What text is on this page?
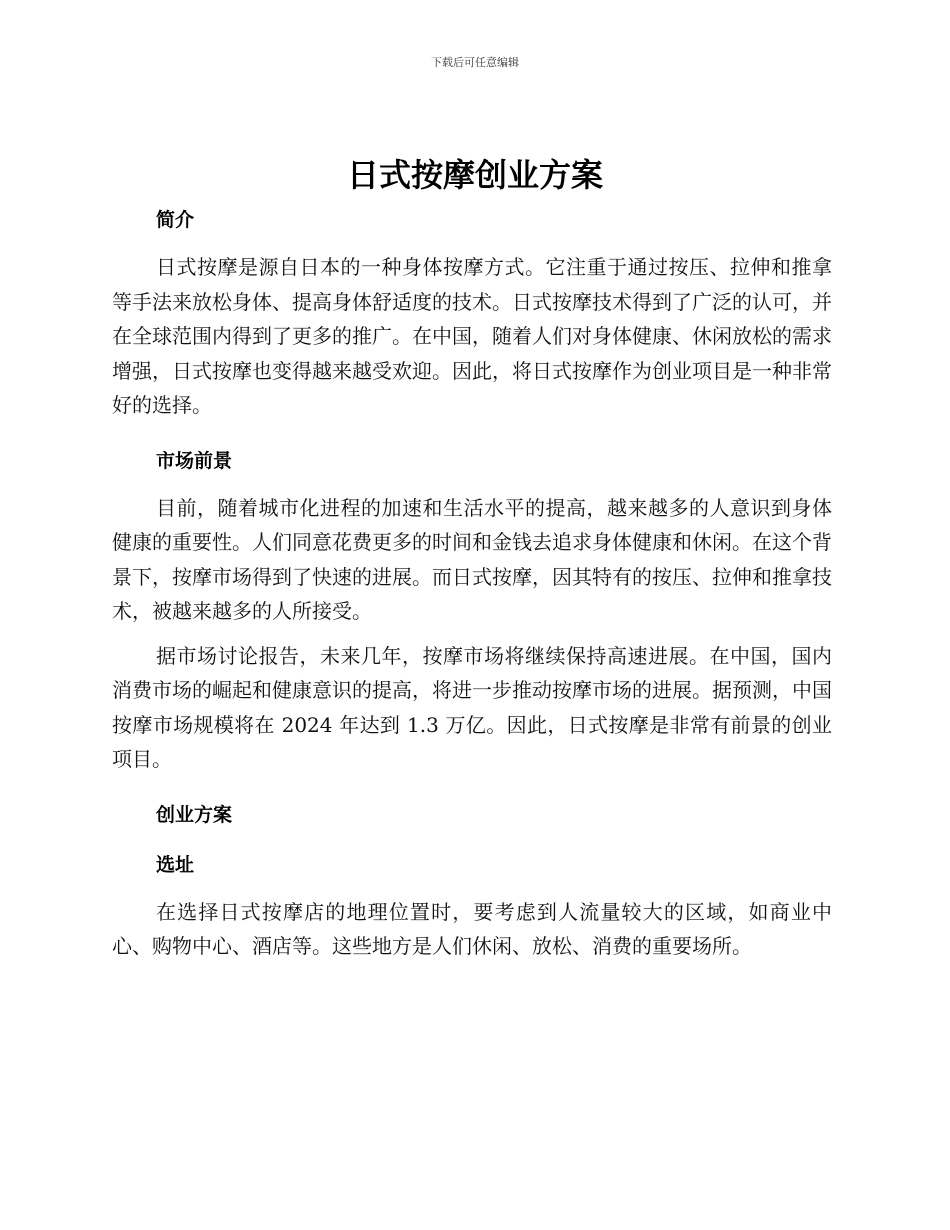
下载后可任意编辑
日式按摩创业方案
简介

日式按摩是源自日本的一种身体按摩方式。它注重于通过按压、拉伸和推拿等手法来放松身体、提高身体舒适度的技术。日式按摩技术得到了广泛的认可，并在全球范围内得到了更多的推广。在中国，随着人们对身体健康、休闲放松的需求增强，日式按摩也变得越来越受欢迎。因此，将日式按摩作为创业项目是一种非常好的选择。

市场前景

目前，随着城市化进程的加速和生活水平的提高，越来越多的人意识到身体健康的重要性。人们同意花费更多的时间和金钱去追求身体健康和休闲。在这个背景下，按摩市场得到了快速的进展。而日式按摩，因其特有的按压、拉伸和推拿技术，被越来越多的人所接受。

据市场讨论报告，未来几年，按摩市场将继续保持高速进展。在中国，国内消费市场的崛起和健康意识的提高，将进一步推动按摩市场的进展。据预测，中国按摩市场规模将在 2024 年达到 1.3 万亿。因此，日式按摩是非常有前景的创业项目。

创业方案
选址

在选择日式按摩店的地理位置时，要考虑到人流量较大的区域，如商业中心、购物中心、酒店等。这些地方是人们休闲、放松、消费的重要场所。
